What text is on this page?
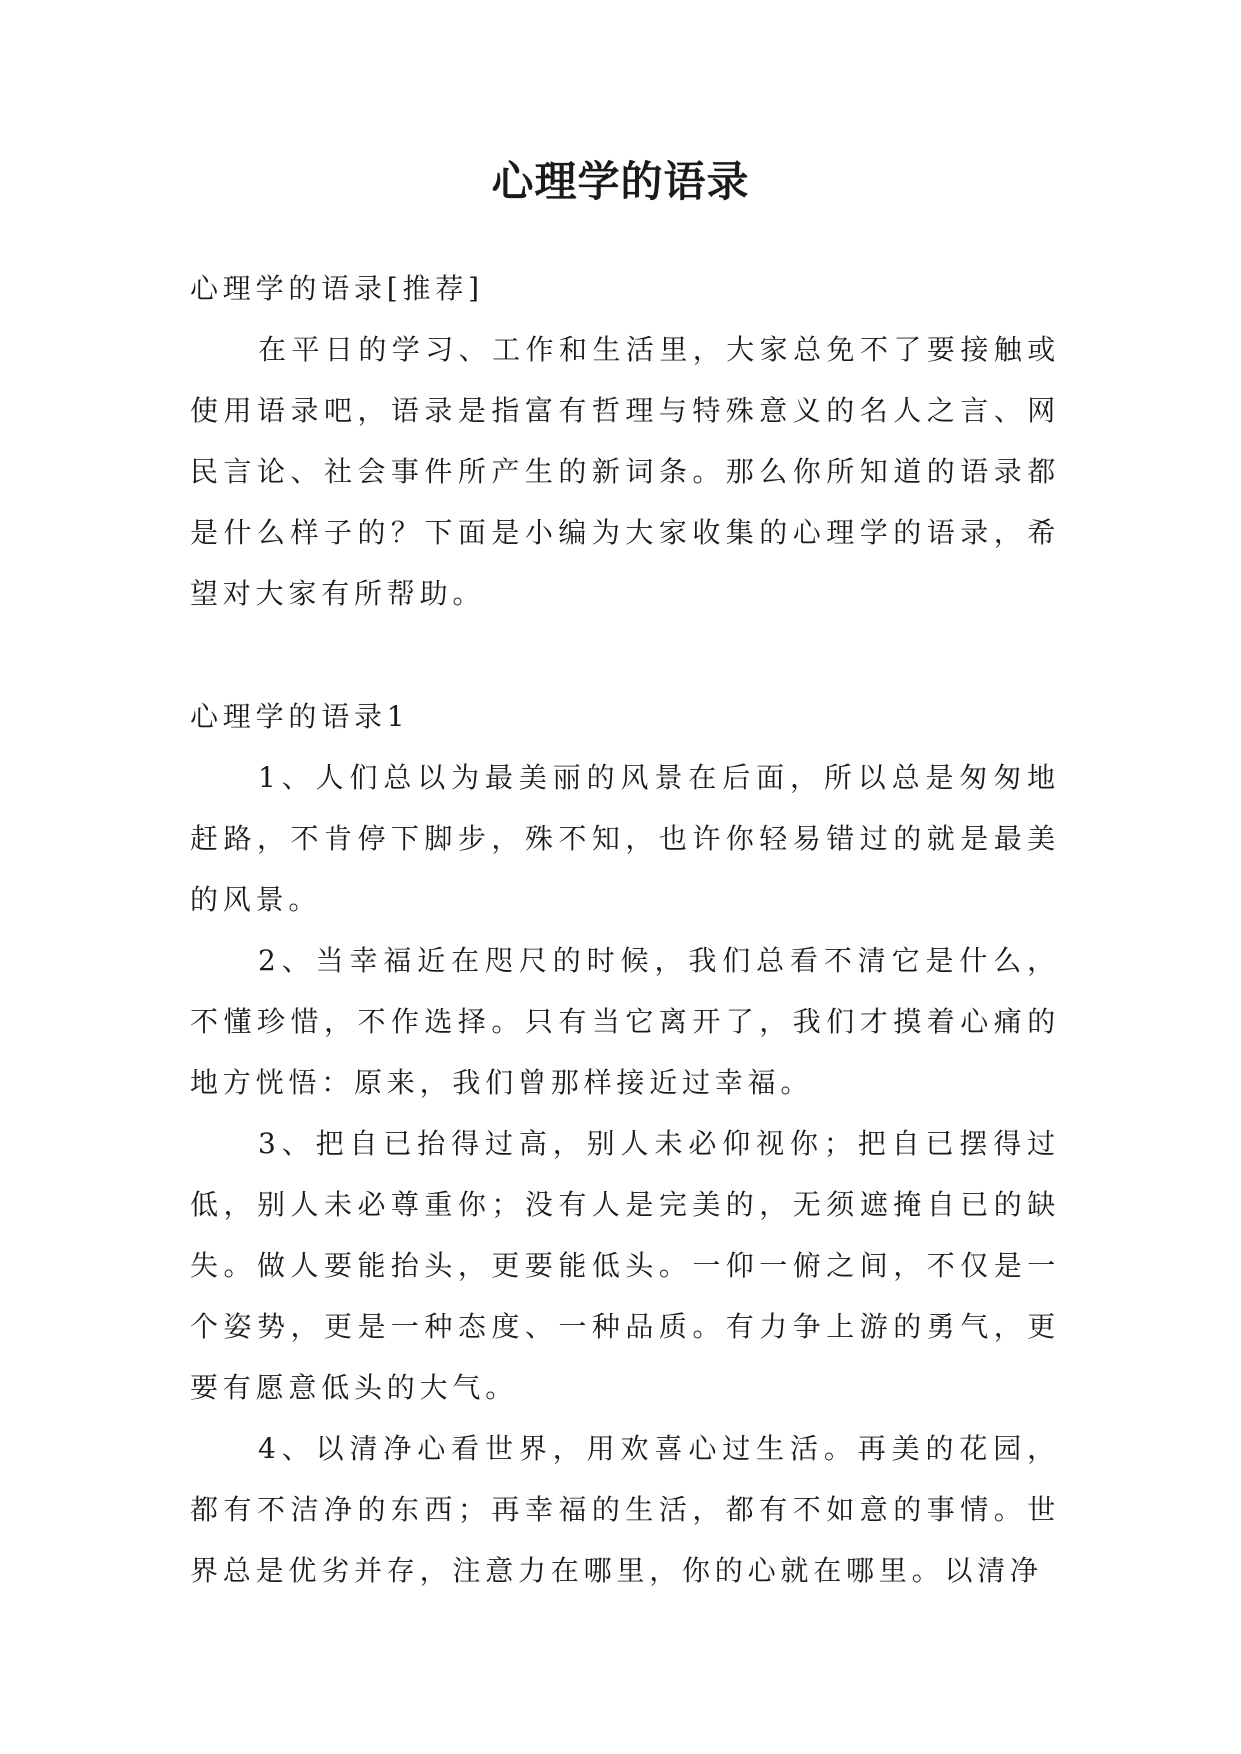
心理学的语录

心理学的语录[推荐]

在平日的学习、工作和生活里，大家总免不了要接触或使用语录吧，语录是指富有哲理与特殊意义的名人之言、网民言论、社会事件所产生的新词条。那么你所知道的语录都是什么样子的？下面是小编为大家收集的心理学的语录，希望对大家有所帮助。

心理学的语录1

1、人们总以为最美丽的风景在后面，所以总是匆匆地赶路，不肯停下脚步，殊不知，也许你轻易错过的就是最美的风景。

2、当幸福近在咫尺的时候，我们总看不清它是什么，不懂珍惜，不作选择。只有当它离开了，我们才摸着心痛的地方恍悟：原来，我们曾那样接近过幸福。

3、把自已抬得过高，别人未必仰视你；把自已摆得过低，别人未必尊重你；没有人是完美的，无须遮掩自已的缺失。做人要能抬头，更要能低头。一仰一俯之间，不仅是一个姿势，更是一种态度、一种品质。有力争上游的勇气，更要有愿意低头的大气。

4、以清净心看世界，用欢喜心过生活。再美的花园，都有不洁净的东西；再幸福的生活，都有不如意的事情。世界总是优劣并存，注意力在哪里，你的心就在哪里。以清净
